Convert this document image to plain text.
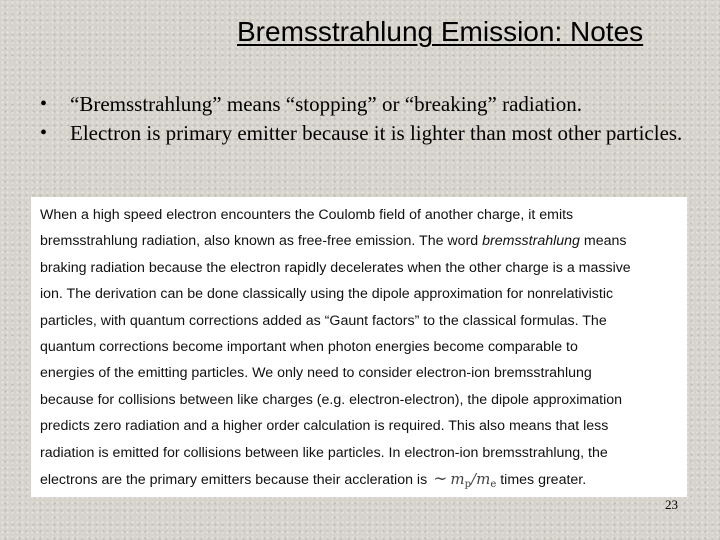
Bremsstrahlung Emission: Notes
• “Bremsstrahlung” means “stopping” or “breaking” radiation.
• Electron is primary emitter because it is lighter than most other particles.
When a high speed electron encounters the Coulomb field of another charge, it emits
bremsstrahlung radiation, also known as free-free emission. The word bremsstrahlung means
braking radiation because the electron rapidly decelerates when the other charge is a massive
ion. The derivation can be done classically using the dipole approximation for nonrelativistic
particles, with quantum corrections added as “Gaunt factors” to the classical formulas. The
quantum corrections become important when photon energies become comparable to
energies of the emitting particles. We only need to consider electron-ion bremsstrahlung
because for collisions between like charges (e.g. electron-electron), the dipole approximation
predicts zero radiation and a higher order calculation is required. This also means that less
radiation is emitted for collisions between like particles. In electron-ion bremsstrahlung, the
electrons are the primary emitters because their accleration is ∼ $m_p/m_e$ times greater.
23
